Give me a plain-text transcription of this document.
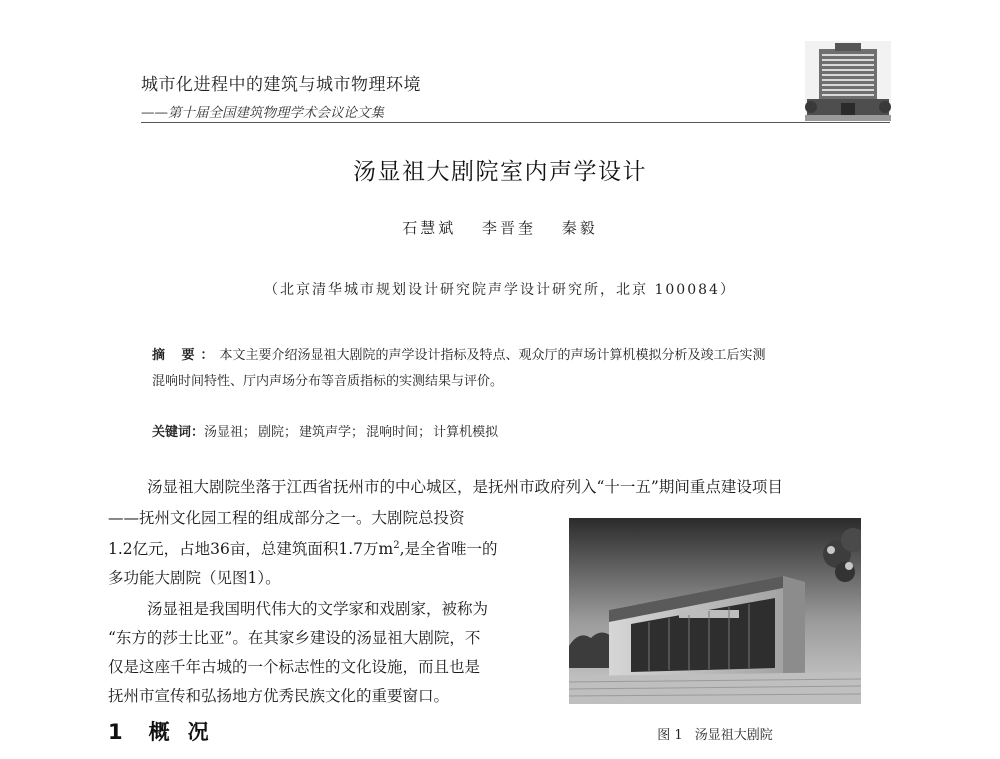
城市化进程中的建筑与城市物理环境
——第十届全国建筑物理学术会议论文集
汤显祖大剧院室内声学设计
石慧斌 李晋奎 秦毅
（北京清华城市规划设计研究院声学设计研究所，北京 100084）
摘 要：本文主要介绍汤显祖大剧院的声学设计指标及特点、观众厅的声场计算机模拟分析及竣工后实测
混响时间特性、厅内声场分布等音质指标的实测结果与评价。
关键词：汤显祖； 剧院； 建筑声学； 混响时间； 计算机模拟
汤显祖大剧院坐落于江西省抚州市的中心城区，是抚州市政府列入“十一五”期间重点建设项目
——抚州文化园工程的组成部分之一。大剧院总投资
1.2亿元，占地36亩，总建筑面积1.7万$m^2$,是全省唯一的
多功能大剧院（见图1）。
汤显祖是我国明代伟大的文学家和戏剧家，被称为
“东方的莎士比亚”。在其家乡建设的汤显祖大剧院，不
仅是这座千年古城的一个标志性的文化设施，而且也是
抚州市宣传和弘扬地方优秀民族文化的重要窗口。
图 1 汤显祖大剧院
1 概况
